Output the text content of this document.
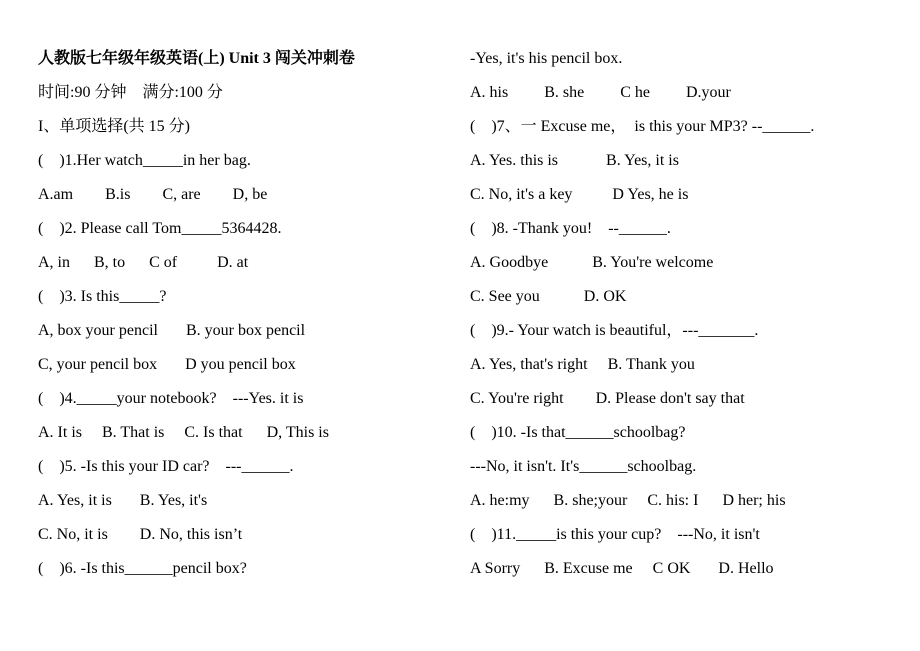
人教版七年级年级英语(上) Unit 3 闯关冲刺卷

时间:90 分钟　满分:100 分

I、单项选择(共 15 分)

(    )1.Her watch_____in her bag.

A.am        B.is        C, are        D, be

(    )2. Please call Tom_____5364428.

A, in      B, to      C of          D. at

(    )3. Is this_____?

A, box your pencil       B. your box pencil

C, your pencil box       D you pencil box

(    )4._____your notebook?    ---Yes. it is

A. It is     B. That is     C. Is that      D, This is

(    )5. -Is this your ID car?    ---______.

A. Yes, it is       B. Yes, it's

C. No, it is        D. No, this isn’t

(    )6. -Is this______pencil box?

-Yes, it's his pencil box.

A. his         B. she         C he         D.your

(    )7、一 Excuse me，  is this your MP3? --______.

A. Yes. this is            B. Yes, it is

C. No, it's a key          D Yes, he is

(    )8. -Thank you!    --______.

A. Goodbye           B. You're welcome

C. See you           D. OK

(    )9.- Your watch is beautiful，---_______.

A. Yes, that's right     B. Thank you

C. You're right        D. Please don't say that

(    )10. -Is that______schoolbag?

---No, it isn't. It's______schoolbag.

A. he:my      B. she;your     C. his: I      D her; his

(    )11._____is this your cup?    ---No, it isn't

A Sorry      B. Excuse me     C OK       D. Hello
